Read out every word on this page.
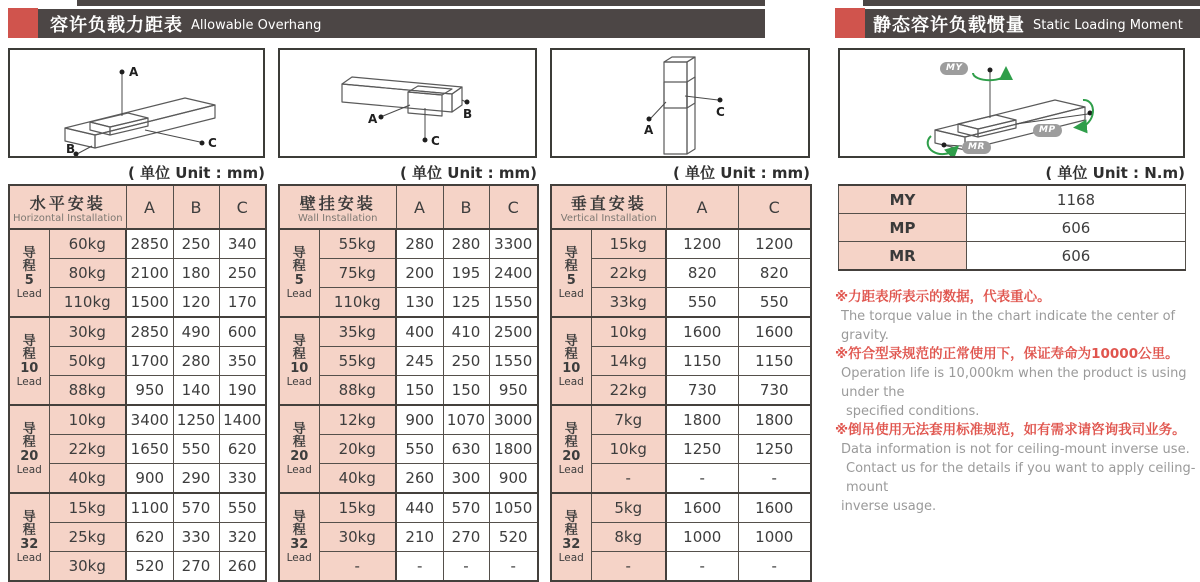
容许负载力距表 Allowable Overhang	静态容许负载惯量 Static Loading Moment
A
B	C
A	B
C
A
C
MY
MP
MR
( 单位 Unit : mm)	( 单位 Unit : mm)	( 单位 Unit : mm)	( 单位 Unit : N.m)
水平安装
Horizontal Installation		A	B	C

导
程
5
Lead	60kg	2850	250	340
	80kg	2100	180	250
	110kg	1500	120	170

导
程
10
Lead	30kg	2850	490	600
	50kg	1700	280	350
	88kg	950	140	190

导
程
20
Lead	10kg	3400	1250	1400
	22kg	1650	550	620
	40kg	900	290	330

导
程
32
Lead	15kg	1100	570	550
	25kg	620	330	320
	30kg	520	270	260
壁挂安装
Wall Installation		A	B	C

导
程
5
Lead	55kg	280	280	3300
	75kg	200	195	2400
	110kg	130	125	1550

导
程
10
Lead	35kg	400	410	2500
	55kg	245	250	1550
	88kg	150	150	950

导
程
20
Lead	12kg	900	1070	3000
	20kg	550	630	1800
	40kg	260	300	900

导
程
32
Lead	15kg	440	570	1050
	30kg	210	270	520
	-	-	-	-
垂直安装
Vertical Installation		A	C

导
程
5
Lead	15kg	1200	1200
	22kg	820	820
	33kg	550	550

导
程
10
Lead	10kg	1600	1600
	14kg	1150	1150
	22kg	730	730

导
程
20
Lead	7kg	1800	1800
	10kg	1250	1250
	-	-	-

导
程
32
Lead	5kg	1600	1600
	8kg	1000	1000
	-	-	-
MY	1168
MP	606
MR	606
※力距表所表示的数据，代表重心。
The torque value in the chart indicate the center of gravity.
※符合型录规范的正常使用下，保证寿命为10000公里。
Operation life is 10,000km when the product is using under the
specified conditions.
※倒吊使用无法套用标准规范，如有需求请咨询我司业务。
Data information is not for ceiling-mount inverse use.
Contact us for the details if you want to apply ceiling-mount
inverse usage.
